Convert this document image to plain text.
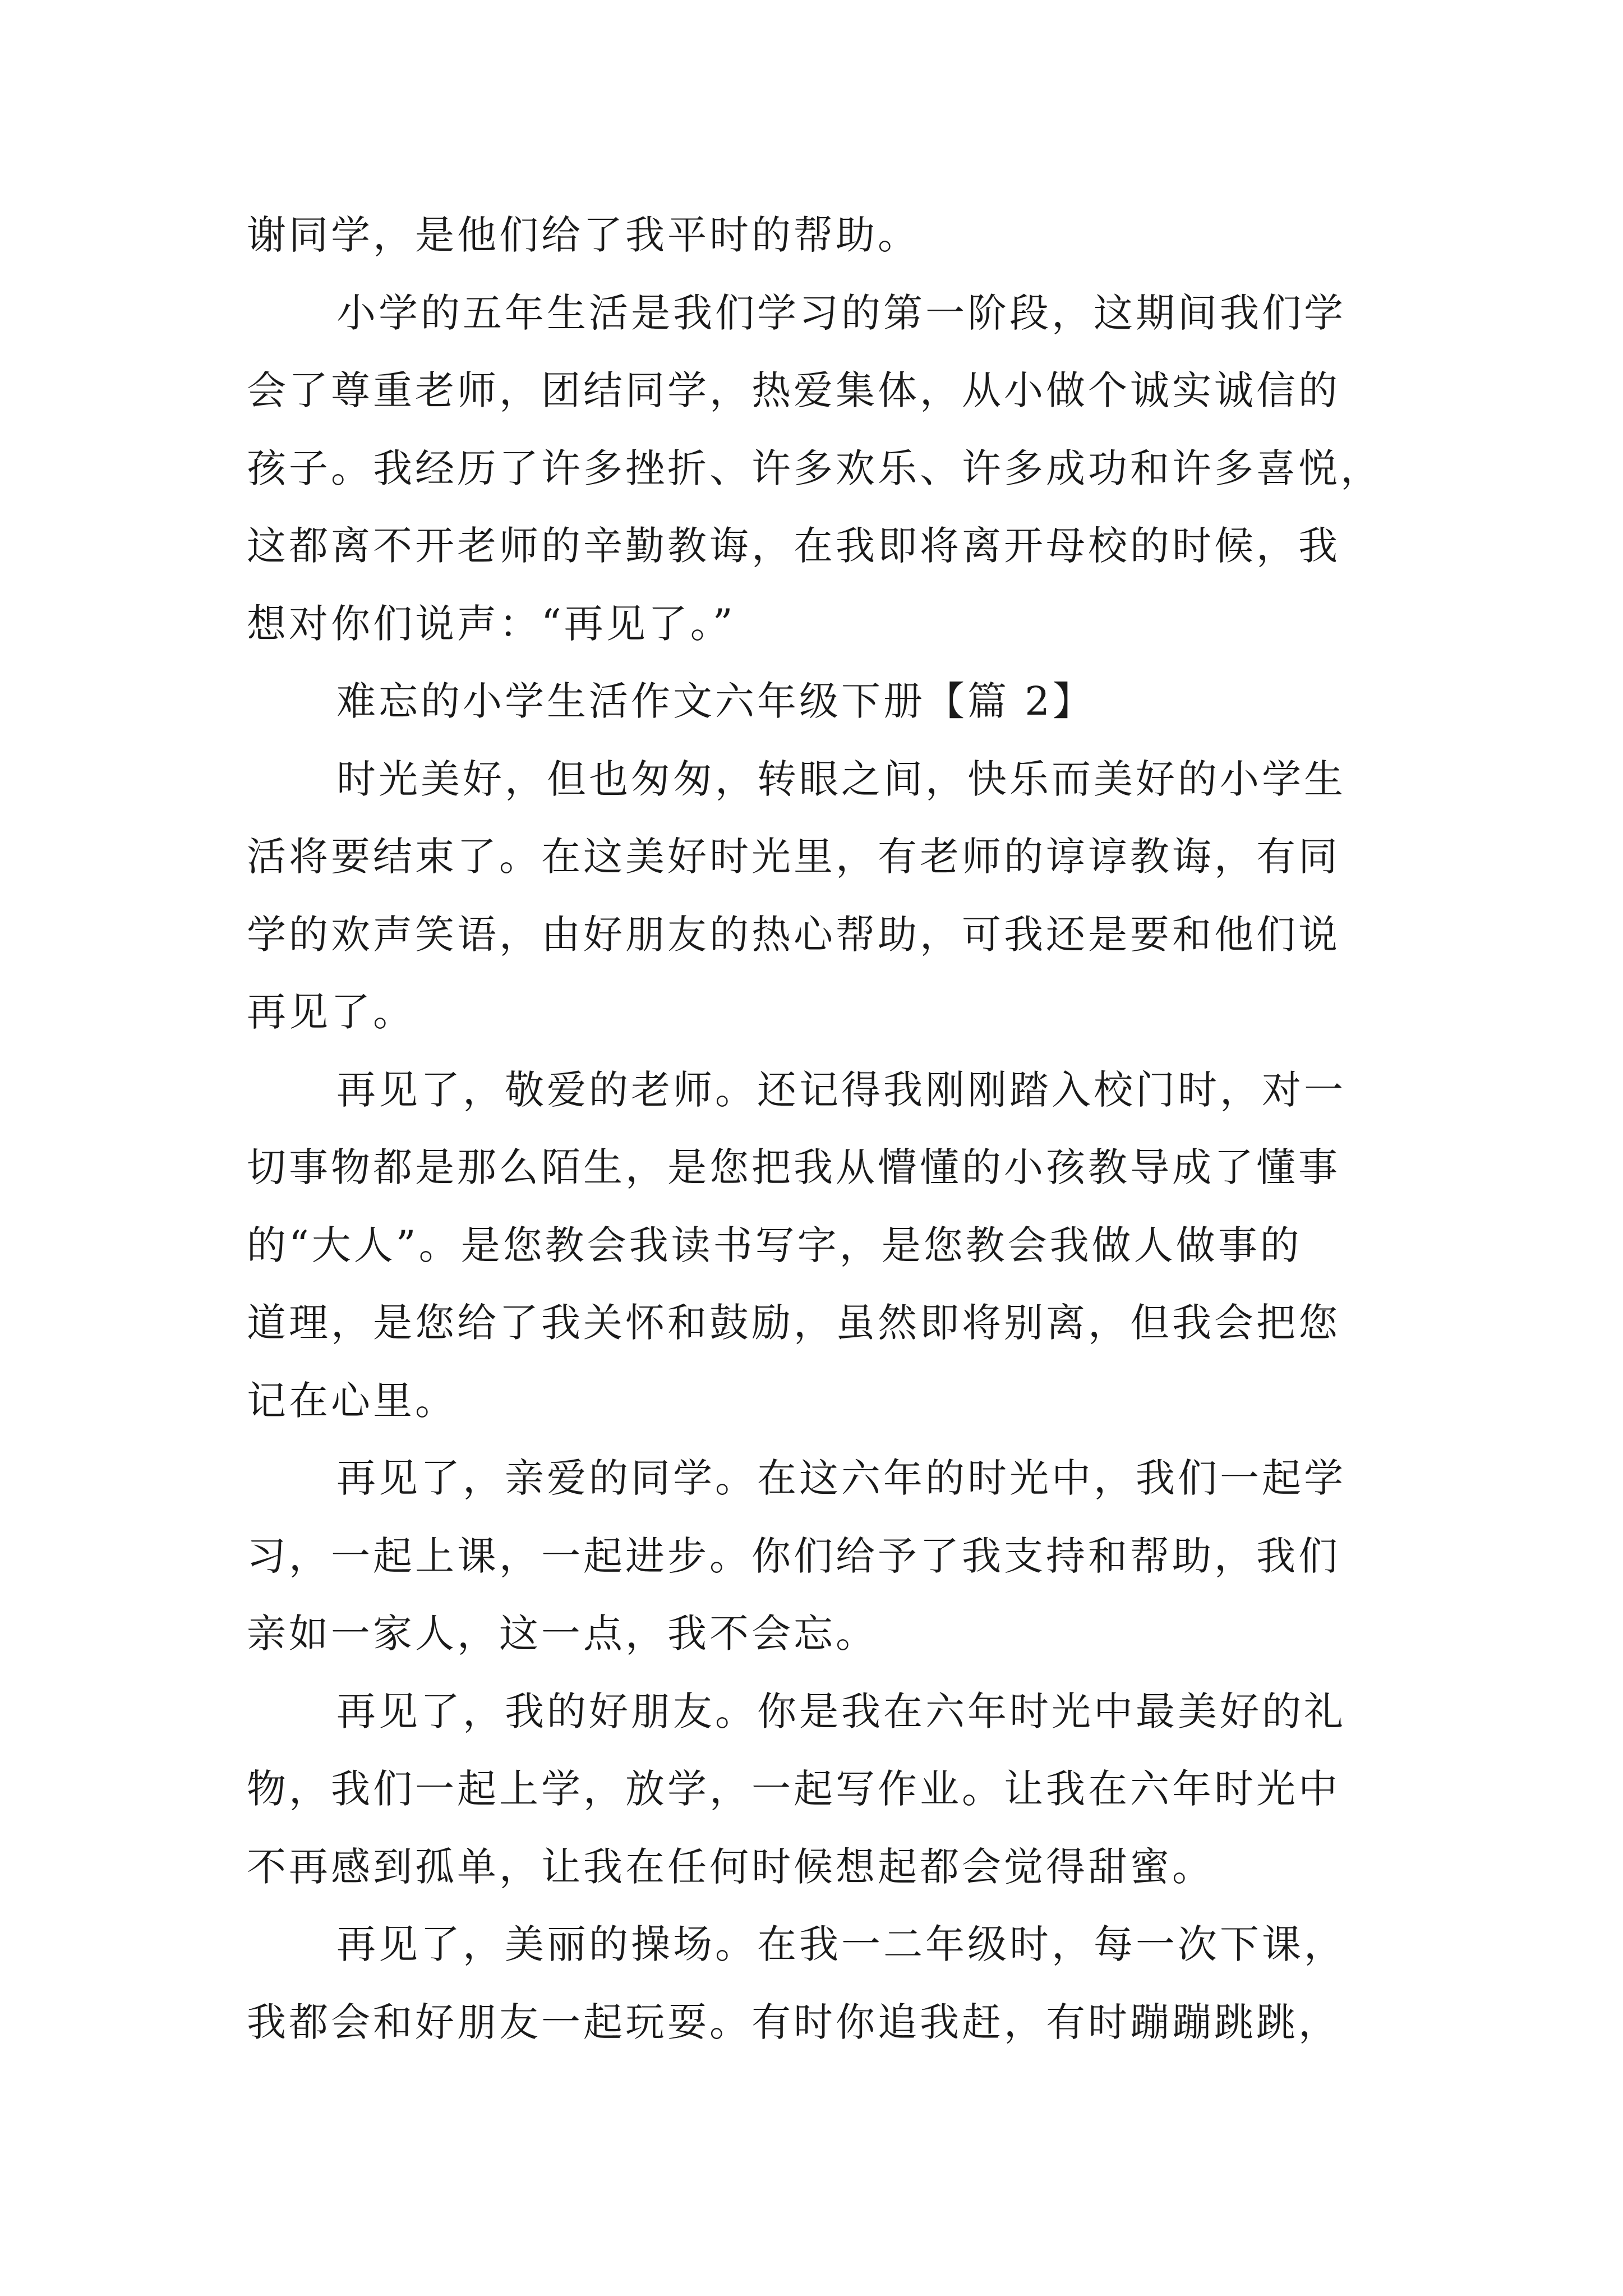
谢同学，是他们给了我平时的帮助。
小学的五年生活是我们学习的第一阶段，这期间我们学
会了尊重老师，团结同学，热爱集体，从小做个诚实诚信的
孩子。我经历了许多挫折、许多欢乐、许多成功和许多喜悦，
这都离不开老师的辛勤教诲，在我即将离开母校的时候，我
想对你们说声：“再见了。”
难忘的小学生活作文六年级下册【篇 2】
时光美好，但也匆匆，转眼之间，快乐而美好的小学生
活将要结束了。在这美好时光里，有老师的谆谆教诲，有同
学的欢声笑语，由好朋友的热心帮助，可我还是要和他们说
再见了。
再见了，敬爱的老师。还记得我刚刚踏入校门时，对一
切事物都是那么陌生，是您把我从懵懂的小孩教导成了懂事
的“大人”。是您教会我读书写字，是您教会我做人做事的
道理，是您给了我关怀和鼓励，虽然即将别离，但我会把您
记在心里。
再见了，亲爱的同学。在这六年的时光中，我们一起学
习，一起上课，一起进步。你们给予了我支持和帮助，我们
亲如一家人，这一点，我不会忘。
再见了，我的好朋友。你是我在六年时光中最美好的礼
物，我们一起上学，放学，一起写作业。让我在六年时光中
不再感到孤单，让我在任何时候想起都会觉得甜蜜。
再见了，美丽的操场。在我一二年级时，每一次下课，
我都会和好朋友一起玩耍。有时你追我赶，有时蹦蹦跳跳，
